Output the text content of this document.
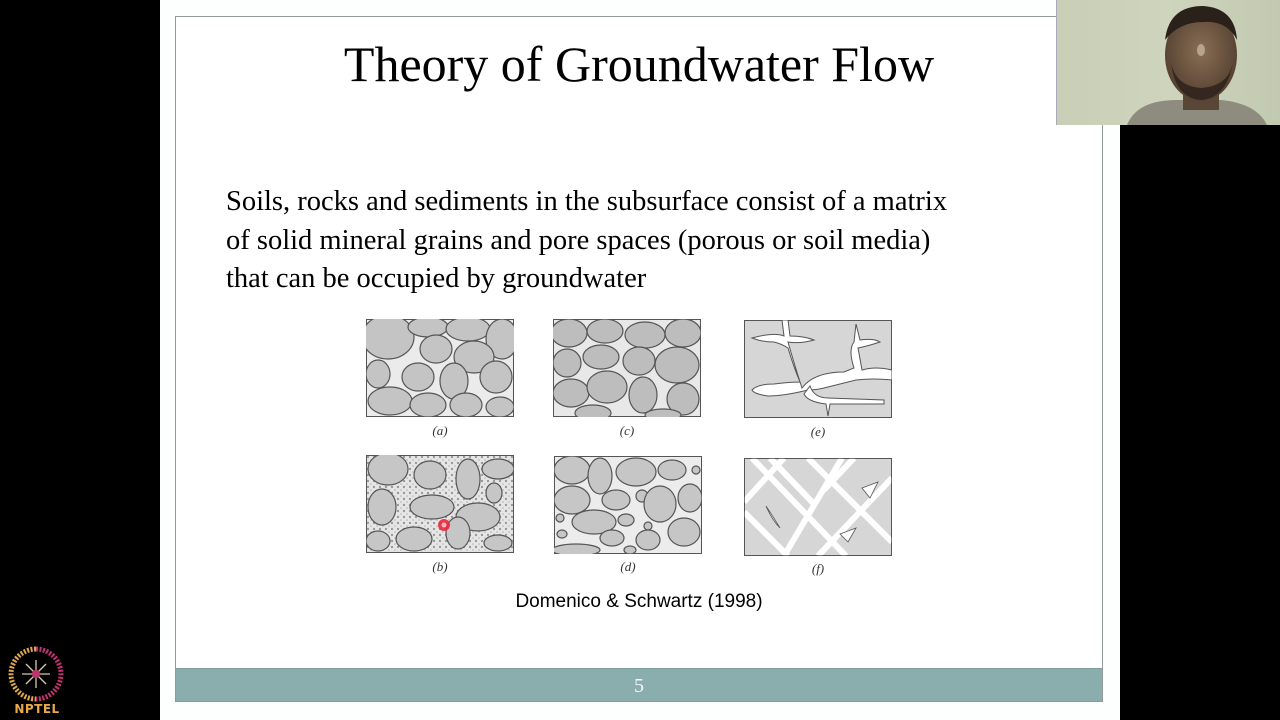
Theory of Groundwater Flow
Soils, rocks and sediments in the subsurface consist of a matrix
of solid mineral grains and pore spaces (porous or soil media)
that can be occupied by groundwater
(a)	(c)	(e)
(b)	(d)	(f)
Domenico & Schwartz (1998)
5
NPTEL
